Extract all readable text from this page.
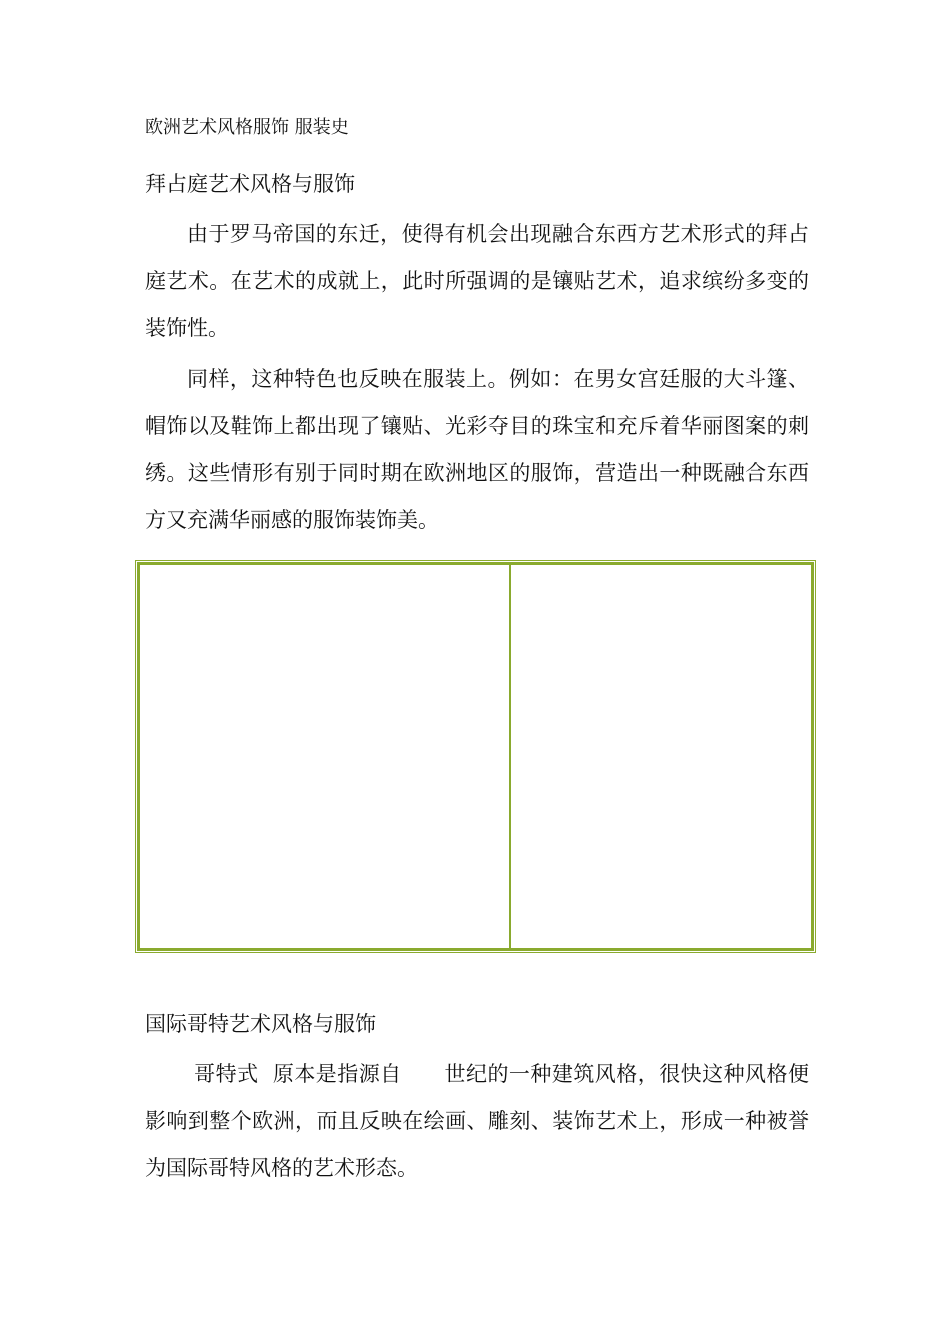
欧洲艺术风格服饰 服装史
拜占庭艺术风格与服饰

由于罗马帝国的东迁，使得有机会出现融合东西方艺术形式的拜占庭艺术。在艺术的成就上，此时所强调的是镶贴艺术，追求缤纷多变的装饰性。

同样，这种特色也反映在服装上。例如：在男女宫廷服的大斗篷、帽饰以及鞋饰上都出现了镶贴、光彩夺目的珠宝和充斥着华丽图案的刺绣。这些情形有别于同时期在欧洲地区的服饰，营造出一种既融合东西方又充满华丽感的服饰装饰美。

国际哥特艺术风格与服饰

哥特式  原本是指源自      世纪的一种建筑风格，很快这种风格便影响到整个欧洲，而且反映在绘画、雕刻、装饰艺术上，形成一种被誉为国际哥特风格的艺术形态。
